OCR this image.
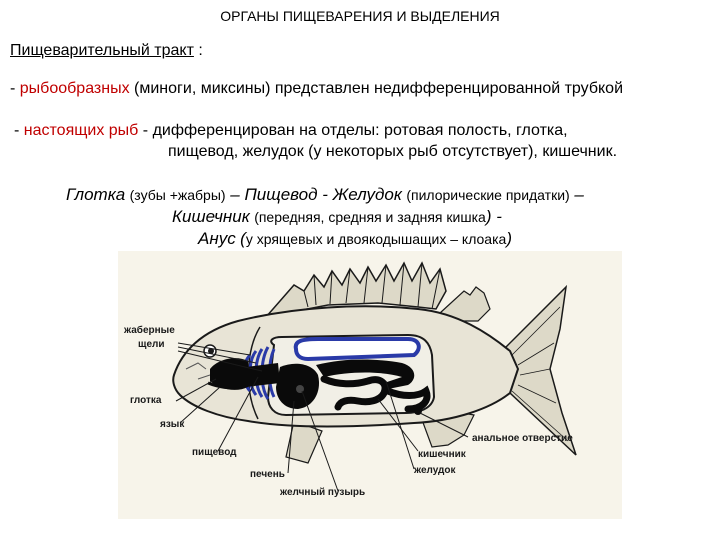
ОРГАНЫ ПИЩЕВАРЕНИЯ И ВЫДЕЛЕНИЯ
Пищеварительный тракт :
- рыбообразных (миноги, миксины) представлен недифференцированной трубкой
- настоящих рыб - дифференцирован на отделы: ротовая полость, глотка,
пищевод, желудок (у некоторых рыб отсутствует), кишечник.
Глотка (зубы +жабры) – Пищевод - Желудок (пилорические придатки) –
Кишечник (передняя, средняя и задняя кишка) -
Анус (у хрящевых и двоякодышащих – клоака)
жаберные
щели
глотка
язык
пищевод
печень
желчный пузырь
желудок
кишечник
анальное отверстие
